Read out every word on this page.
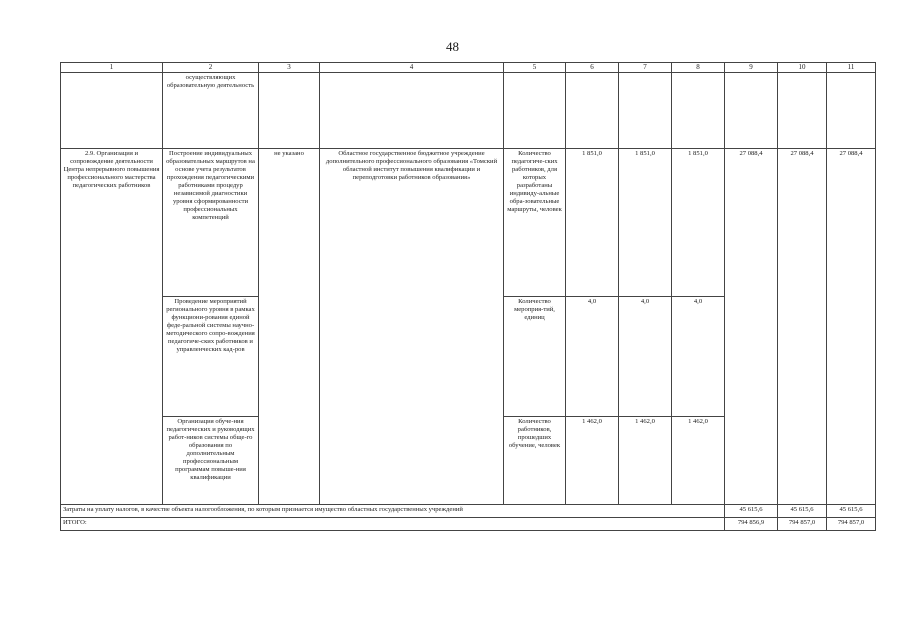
48
1	2	3	4	5	6	7	8	9	10	11
	осуществляющих образовательную деятельность									
2.9. Организация и сопровождение деятельности Центра непрерывного повышения профессионального мастерства педагогических работников	Построение индивидуальных образовательных маршрутов на основе учета результатов прохождения педагогическими работниками процедур независимой диагностики уровня сформированности профессиональных компетенций	не указано	Областное государственное бюджетное учреждение дополнительного профессионального образования «Томский областной институт повышения квалификации и переподготовки работников образования»	Количество педагогиче-ских работников, для которых разработаны индивиду-альные обра-зовательные маршруты, человек	1 851,0	1 851,0	1 851,0	27 088,4	27 088,4	27 088,4
	Проведение мероприятий регионального уровня в рамках функциони-рования единой феде-ральной системы научно-методического сопро-вождения педагогиче-ских работников и управленческих кад-ров			Количество мероприя-тий, единиц	4,0	4,0	4,0			
	Организация обуче-ния педагогических и руководящих работ-ников системы обще-го образования по дополнительным профессиональным программам повыше-ния квалификации			Количество работников, прошедших обучение, человек	1 462,0	1 462,0	1 462,0			
Затраты на уплату налогов, в качестве объекта налогообложения, по которым признается имущество областных государственных учреждений								45 615,6	45 615,6	45 615,6
ИТОГО:								794 856,9	794 857,0	794 857,0
